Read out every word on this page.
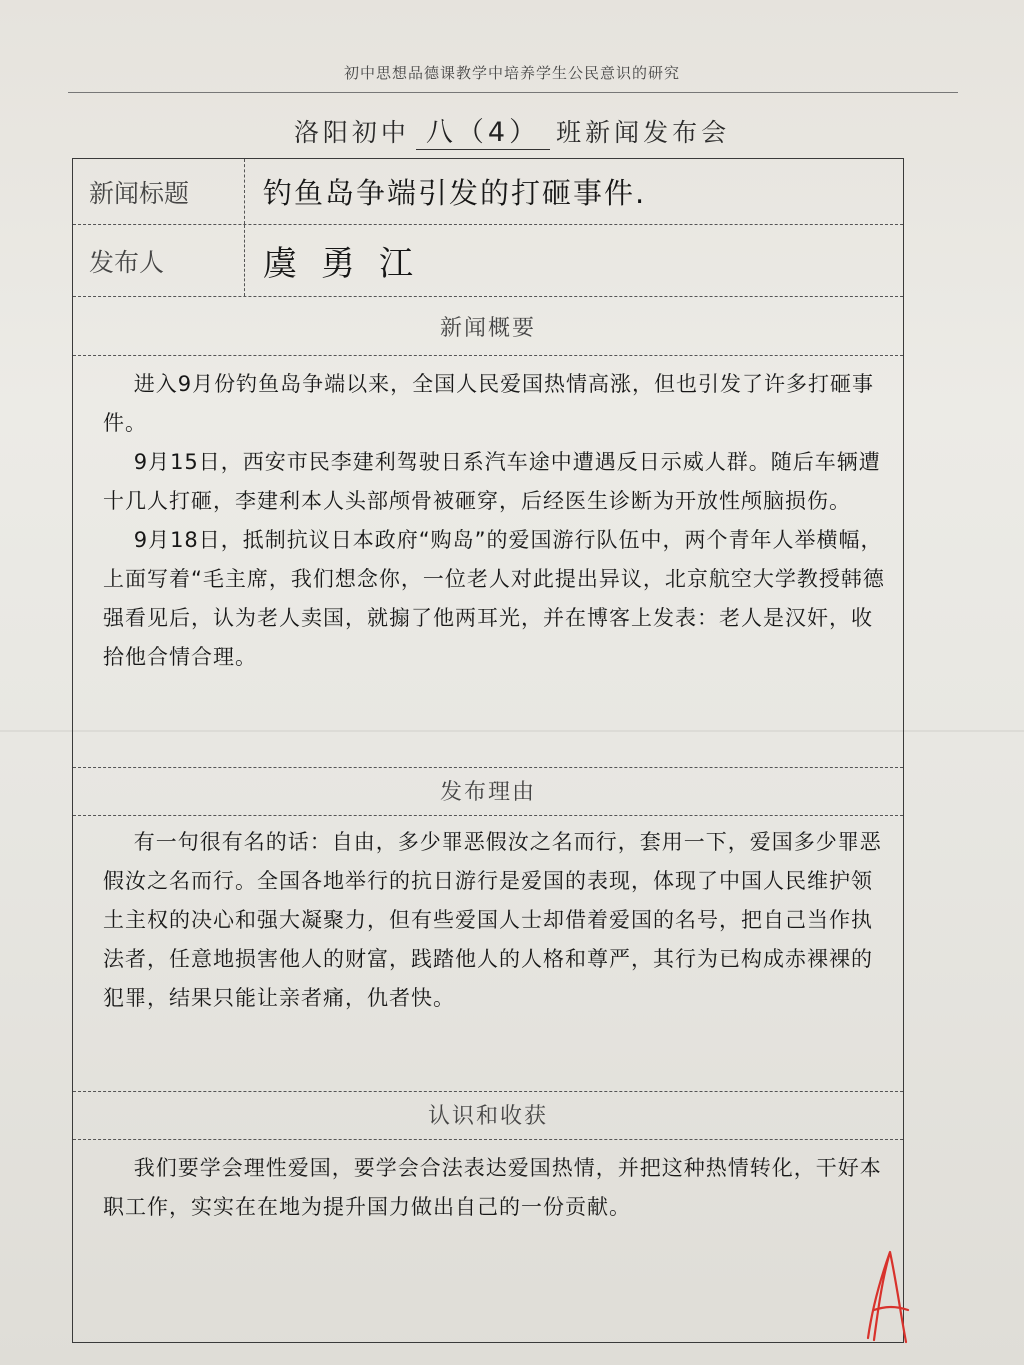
初中思想品德课教学中培养学生公民意识的研究
洛阳初中 八（4） 班新闻发布会
新闻标题	钓鱼岛争端引发的打砸事件.
发布人	虞勇江
新闻概要
进入9月份钓鱼岛争端以来，全国人民爱国热情高涨，但也引发了许多打砸事件。
9月15日，西安市民李建利驾驶日系汽车途中遭遇反日示威人群。随后车辆遭十几人打砸，李建利本人头部颅骨被砸穿，后经医生诊断为开放性颅脑损伤。
9月18日，抵制抗议日本政府“购岛”的爱国游行队伍中，两个青年人举横幅，上面写着“毛主席，我们想念你，一位老人对此提出异议，北京航空大学教授韩德强看见后，认为老人卖国，就搧了他两耳光，并在博客上发表：老人是汉奸，收拾他合情合理。
发布理由
有一句很有名的话：自由，多少罪恶假汝之名而行，套用一下，爱国多少罪恶假汝之名而行。全国各地举行的抗日游行是爱国的表现，体现了中国人民维护领土主权的决心和强大凝聚力，但有些爱国人士却借着爱国的名号，把自己当作执法者，任意地损害他人的财富，践踏他人的人格和尊严，其行为已构成赤裸裸的犯罪，结果只能让亲者痛，仇者快。
认识和收获
我们要学会理性爱国，要学会合法表达爱国热情，并把这种热情转化，干好本职工作，实实在在地为提升国力做出自己的一份贡献。
